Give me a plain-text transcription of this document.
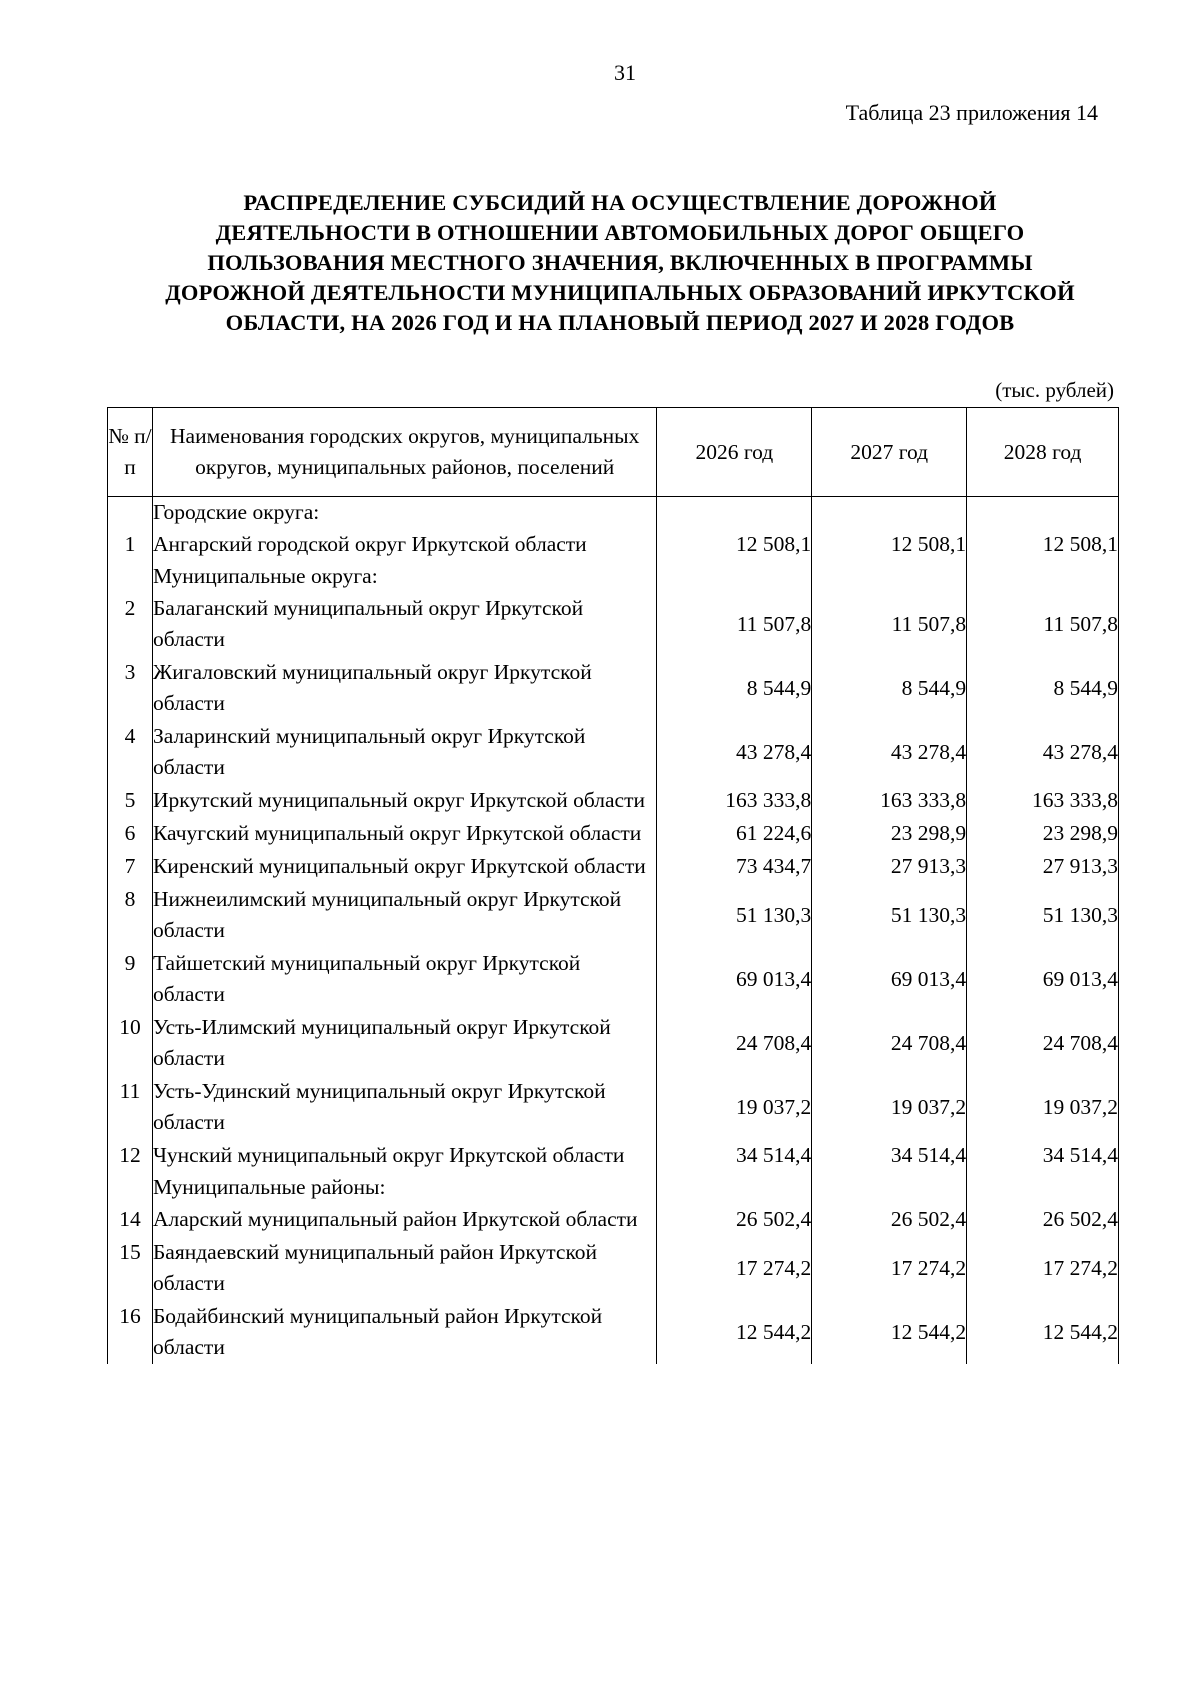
31
Таблица 23 приложения 14
РАСПРЕДЕЛЕНИЕ СУБСИДИЙ НА ОСУЩЕСТВЛЕНИЕ ДОРОЖНОЙ
ДЕЯТЕЛЬНОСТИ В ОТНОШЕНИИ АВТОМОБИЛЬНЫХ ДОРОГ ОБЩЕГО
ПОЛЬЗОВАНИЯ МЕСТНОГО ЗНАЧЕНИЯ, ВКЛЮЧЕННЫХ В ПРОГРАММЫ
ДОРОЖНОЙ ДЕЯТЕЛЬНОСТИ МУНИЦИПАЛЬНЫХ ОБРАЗОВАНИЙ ИРКУТСКОЙ
ОБЛАСТИ, НА 2026 ГОД И НА ПЛАНОВЫЙ ПЕРИОД 2027 И 2028 ГОДОВ
(тыс. рублей)
№ п/п	Наименования городских округов, муниципальных округов, муниципальных районов, поселений	2026 год	2027 год	2028 год
	Городские округа:			
1	Ангарский городской округ Иркутской области	12 508,1	12 508,1	12 508,1
	Муниципальные округа:			
2	Балаганский муниципальный округ Иркутской области	11 507,8	11 507,8	11 507,8
3	Жигаловский муниципальный округ Иркутской области	8 544,9	8 544,9	8 544,9
4	Заларинский муниципальный округ Иркутской области	43 278,4	43 278,4	43 278,4
5	Иркутский муниципальный округ Иркутской области	163 333,8	163 333,8	163 333,8
6	Качугский муниципальный округ Иркутской области	61 224,6	23 298,9	23 298,9
7	Киренский муниципальный округ Иркутской области	73 434,7	27 913,3	27 913,3
8	Нижнеилимский муниципальный округ Иркутской области	51 130,3	51 130,3	51 130,3
9	Тайшетский муниципальный округ Иркутской области	69 013,4	69 013,4	69 013,4
10	Усть-Илимский муниципальный округ Иркутской области	24 708,4	24 708,4	24 708,4
11	Усть-Удинский муниципальный округ Иркутской области	19 037,2	19 037,2	19 037,2
12	Чунский муниципальный округ Иркутской области	34 514,4	34 514,4	34 514,4
	Муниципальные районы:			
14	Аларский муниципальный район Иркутской области	26 502,4	26 502,4	26 502,4
15	Баяндаевский муниципальный район Иркутской области	17 274,2	17 274,2	17 274,2
16	Бодайбинский муниципальный район Иркутской области	12 544,2	12 544,2	12 544,2
